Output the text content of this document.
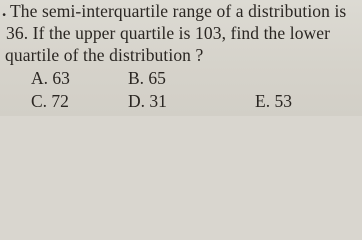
. The semi-interquartile range of a distribution is
36. If the upper quartile is 103, find the lower
quartile of the distribution ?
A. 63	B. 65
C. 72	D. 31	E. 53
